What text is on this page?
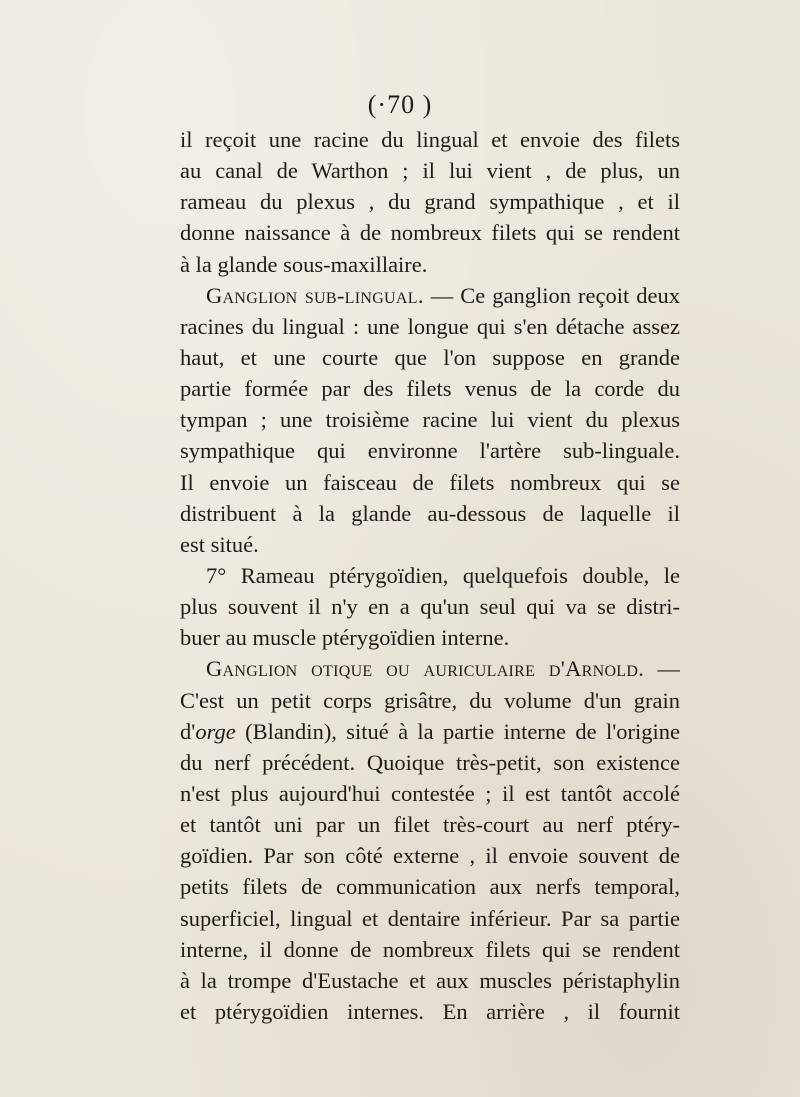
(·70 )
il reçoit une racine du lingual et envoie des filets
au canal de Warthon ; il lui vient , de plus, un
rameau du plexus , du grand sympathique , et il
donne naissance à de nombreux filets qui se rendent
à la glande sous-maxillaire.
Ganglion sub-lingual. — Ce ganglion reçoit deux
racines du lingual : une longue qui s'en détache assez
haut, et une courte que l'on suppose en grande
partie formée par des filets venus de la corde du
tympan ; une troisième racine lui vient du plexus
sympathique qui environne l'artère sub-linguale.
Il envoie un faisceau de filets nombreux qui se
distribuent à la glande au-dessous de laquelle il
est situé.
7° Rameau ptérygoïdien, quelquefois double, le
plus souvent il n'y en a qu'un seul qui va se distri-
buer au muscle ptérygoïdien interne.
Ganglion otique ou auriculaire d'Arnold. —
C'est un petit corps grisâtre, du volume d'un grain
d'orge (Blandin), situé à la partie interne de l'origine
du nerf précédent. Quoique très-petit, son existence
n'est plus aujourd'hui contestée ; il est tantôt accolé
et tantôt uni par un filet très-court au nerf ptéry-
goïdien. Par son côté externe , il envoie souvent de
petits filets de communication aux nerfs temporal,
superficiel, lingual et dentaire inférieur. Par sa partie
interne, il donne de nombreux filets qui se rendent
à la trompe d'Eustache et aux muscles péristaphylin
et ptérygoïdien internes. En arrière , il fournit
